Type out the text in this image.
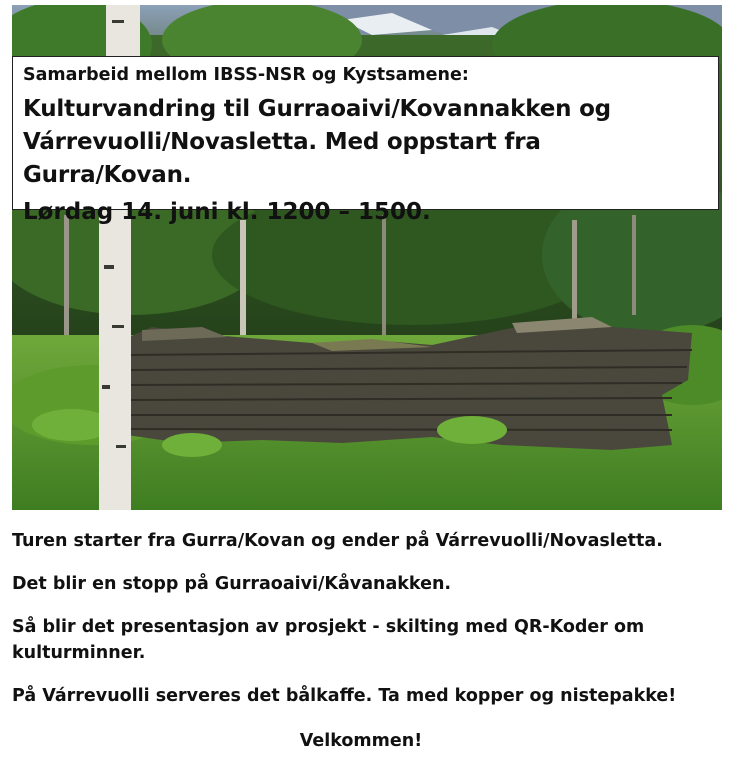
Samarbeid mellom IBSS-NSR og Kystsamene:

Kulturvandring til Gurraoaivi/Kovannakken og Várrevuolli/Novasletta. Med oppstart fra Gurra/Kovan.

Lørdag 14. juni kl. 1200 – 1500.

Turen starter fra Gurra/Kovan og ender på Várrevuolli/Novasletta.

Det blir en stopp på Gurraoaivi/Kåvanakken.

Så blir det presentasjon av prosjekt - skilting med QR-Koder om kulturminner.

På Várrevuolli serveres det bålkaffe. Ta med kopper og nistepakke!

Velkommen!
